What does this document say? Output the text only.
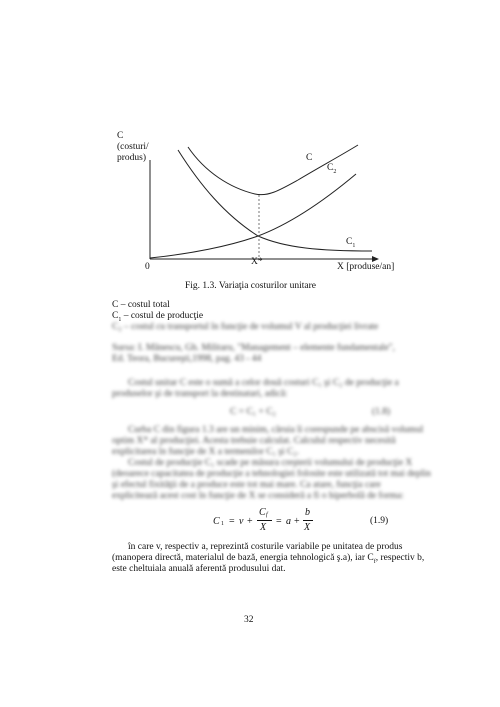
C
(costuri/
produs)
0	X*	X [produse/an]
C
$C_2$
$C_1$
Fig. 1.3. Variaţia costurilor unitare
C – costul total
$C_1$ – costul de producţie
C₂ – costul cu transportul în funcţie de volumul V al producţiei livrate
Sursa: I. Mănescu, Gh. Militaru, "Management – elemente fundamentale",
Ed. Teora, Bucureşti,1998, pag. 43 - 44
Costul unitar C este o sumă a celor două costuri C₁ şi C₂ de producţie a
produselor şi de transport la destinatari, adică:
C = C₁ + C₂	(1.8)
Curba C din figura 1.3 are un minim, căruia îi corespunde pe abscisă volumul
optim X* al producţiei. Acesta trebuie calculat. Calculul respectiv necesită
explicitarea în funcţie de X a termenilor C₁ şi C₂.
Costul de producţie C₁ scade pe măsura creşterii volumului de producţie X
(deoarece capacitatea de producţie a tehnologiei folosite este utilizată tot mai deplin
şi efectul fixităţii de a produce este tot mai mare. Ca atare, funcţia care
explicitează acest cost în funcţie de X se consideră a fi o hiperbolă de forma:
C 1 = v +
C f
X
= a +
b
X
(1.9)
în care v, respectiv a, reprezintă costurile variabile pe unitatea de produs
(manopera directă, materialul de bază, energia tehnologică ş.a), iar $C_f$, respectiv b,
este cheltuiala anuală aferentă produsului dat.
32
